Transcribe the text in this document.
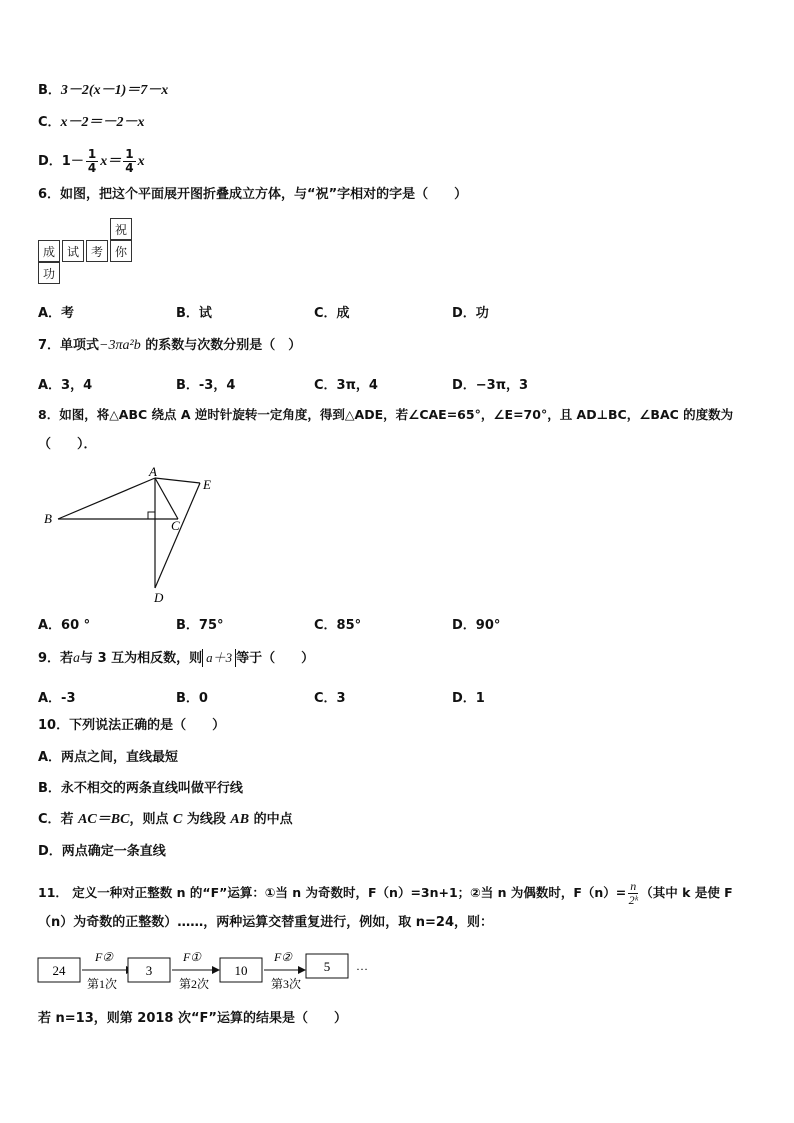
B．3－2(x－1)＝7－x
C．x－2＝－2－x
D．$1- \frac{1}{4} x= \frac{1}{4}$ x
6．如图，把这个平面展开图折叠成立方体，与“祝”字相对的字是（　　）
祝
成 试 考 你
功
A．考	B．试	C．成	D．功
7．单项式−3πa²b 的系数与次数分别是（　）
A．3，4	B．-3，4	C．3π，4	D．−3π，3
8．如图，将△ABC 绕点 A 逆时针旋转一定角度，得到△ADE，若∠CAE=65°，∠E=70°，且 AD⊥BC，∠BAC 的度数为
（　　）．
A
B	C
D
E
A．60 °	B．75°	C．85°	D．90°
9．若a与 3 互为相反数，则 a＋3 等于（　　）
A．-3	B．0	C．3	D．1
10．下列说法正确的是（　　）
A．两点之间，直线最短
B．永不相交的两条直线叫做平行线
C．若 AC＝BC，则点 C 为线段 AB 的中点
D．两点确定一条直线
11． 定义一种对正整数 n 的“F”运算：①当 n 为奇数时，F（n）=3n+1；②当 n 为偶数时，$F(n)= \frac{n}{\text{2ᵏ}}$ （其中 k 是使 F
（n）为奇数的正整数）……，两种运算交替重复进行，例如，取 n=24，则：
24
F②
第1次
3
F①
第2次
10
F②
第3次
5 …
若 n=13，则第 2018 次“F”运算的结果是（　　）
